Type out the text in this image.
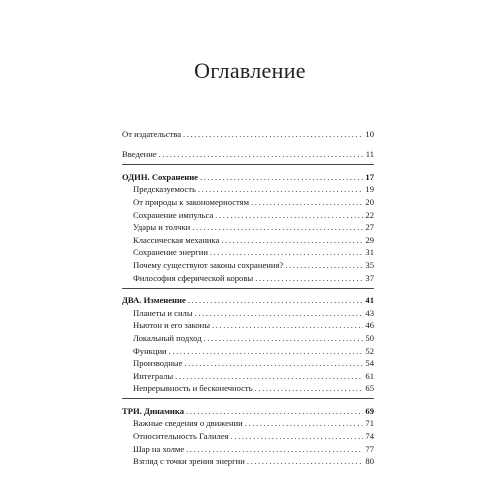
Оглавление
От издательства .....	10
Введение .....	11
ОДИН. Сохранение .....	17
Предсказуемость .....	19
От природы к закономерностям .....	20
Сохранение импульса .....	22
Удары и толчки .....	27
Классическая механика .....	29
Сохранение энергии .....	31
Почему существуют законы сохранения? .....	35
Философия сферической коровы .....	37
ДВА. Изменение .....	41
Планеты и силы .....	43
Ньютон и его законы .....	46
Локальный подход .....	50
Функции .....	52
Производные .....	54
Интегралы .....	61
Непрерывность и бесконечность .....	65
ТРИ. Динамика .....	69
Важные сведения о движении .....	71
Относительность Галилея .....	74
Шар на холме .....	77
Взгляд с точки зрения энергии .....	80
